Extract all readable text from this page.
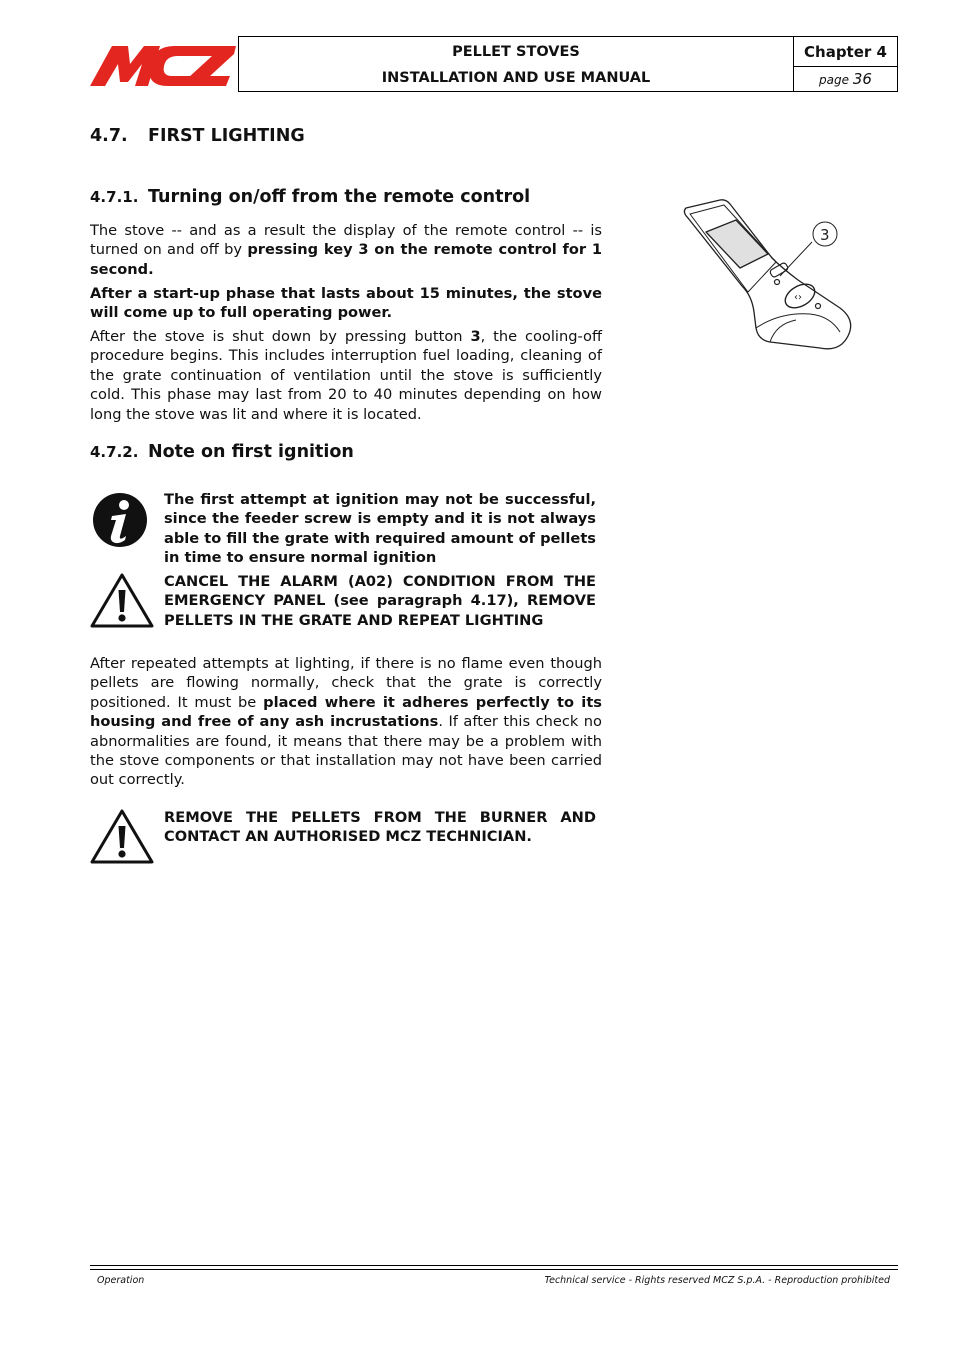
PELLET STOVES
INSTALLATION AND USE MANUAL
Chapter 4
page 36
4.7. FIRST LIGHTING
4.7.1. Turning on/off from the remote control

The stove -- and as a result the display of the remote control -- is turned on and off by pressing key 3 on the remote control for 1 second.

After a start-up phase that lasts about 15 minutes, the stove will come up to full operating power.

After the stove is shut down by pressing button 3, the cooling-off procedure begins. This includes interruption fuel loading, cleaning of the grate continuation of ventilation until the stove is sufficiently cold. This phase may last from 20 to 40 minutes depending on how long the stove was lit and where it is located.

‹›
3
4.7.2. Note on first ignition

The first attempt at ignition may not be successful, since the feeder screw is empty and it is not always able to fill the grate with required amount of pellets in time to ensure normal ignition

CANCEL THE ALARM (A02) CONDITION FROM THE EMERGENCY PANEL (see paragraph 4.17), REMOVE PELLETS IN THE GRATE AND REPEAT LIGHTING

After repeated attempts at lighting, if there is no flame even though pellets are flowing normally, check that the grate is correctly positioned. It must be placed where it adheres perfectly to its housing and free of any ash incrustations. If after this check no abnormalities are found, it means that there may be a problem with the stove components or that installation may not have been carried out correctly.

REMOVE THE PELLETS FROM THE BURNER AND CONTACT AN AUTHORISED MCZ TECHNICIAN.

Operation	Technical service - Rights reserved MCZ S.p.A. - Reproduction prohibited
